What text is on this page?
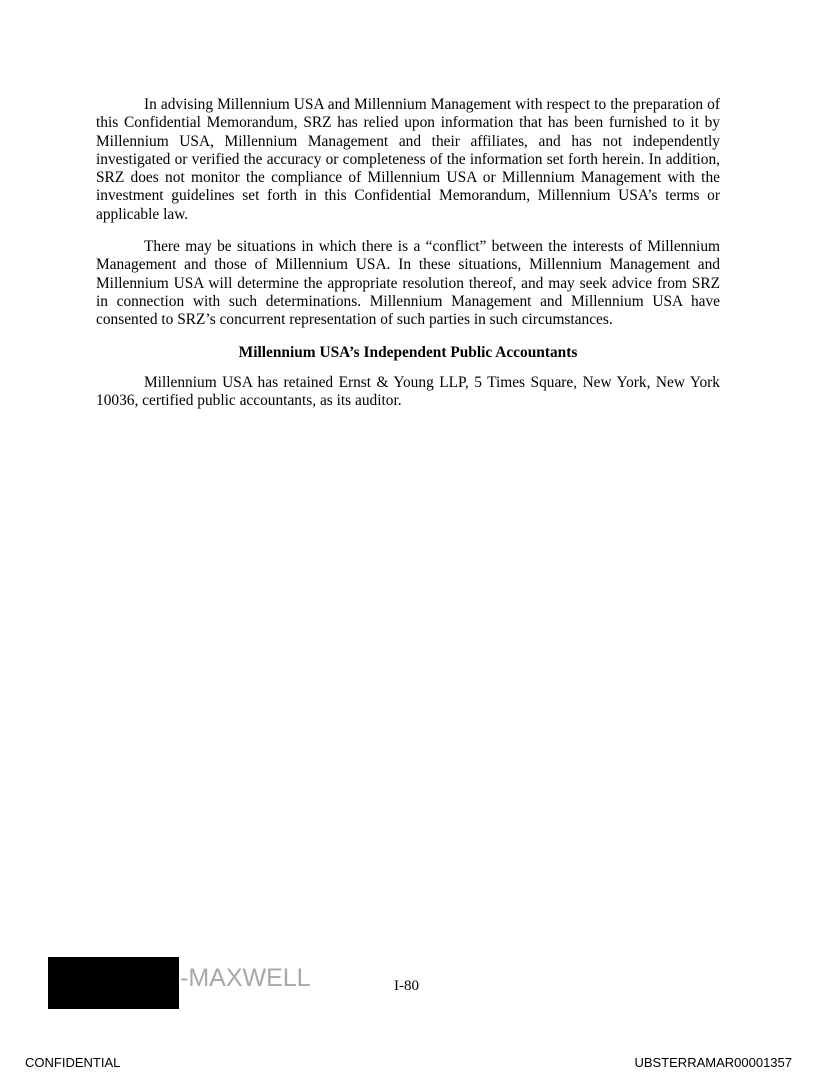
In advising Millennium USA and Millennium Management with respect to the preparation of this Confidential Memorandum, SRZ has relied upon information that has been furnished to it by Millennium USA, Millennium Management and their affiliates, and has not independently investigated or verified the accuracy or completeness of the information set forth herein. In addition, SRZ does not monitor the compliance of Millennium USA or Millennium Management with the investment guidelines set forth in this Confidential Memorandum, Millennium USA’s terms or applicable law.

There may be situations in which there is a “conflict” between the interests of Millennium Management and those of Millennium USA. In these situations, Millennium Management and Millennium USA will determine the appropriate resolution thereof, and may seek advice from SRZ in connection with such determinations. Millennium Management and Millennium USA have consented to SRZ’s concurrent representation of such parties in such circumstances.

Millennium USA’s Independent Public Accountants

Millennium USA has retained Ernst & Young LLP, 5 Times Square, New York, New York 10036, certified public accountants, as its auditor.

-MAXWELL	I-80
CONFIDENTIAL	UBSTERRAMAR00001357
